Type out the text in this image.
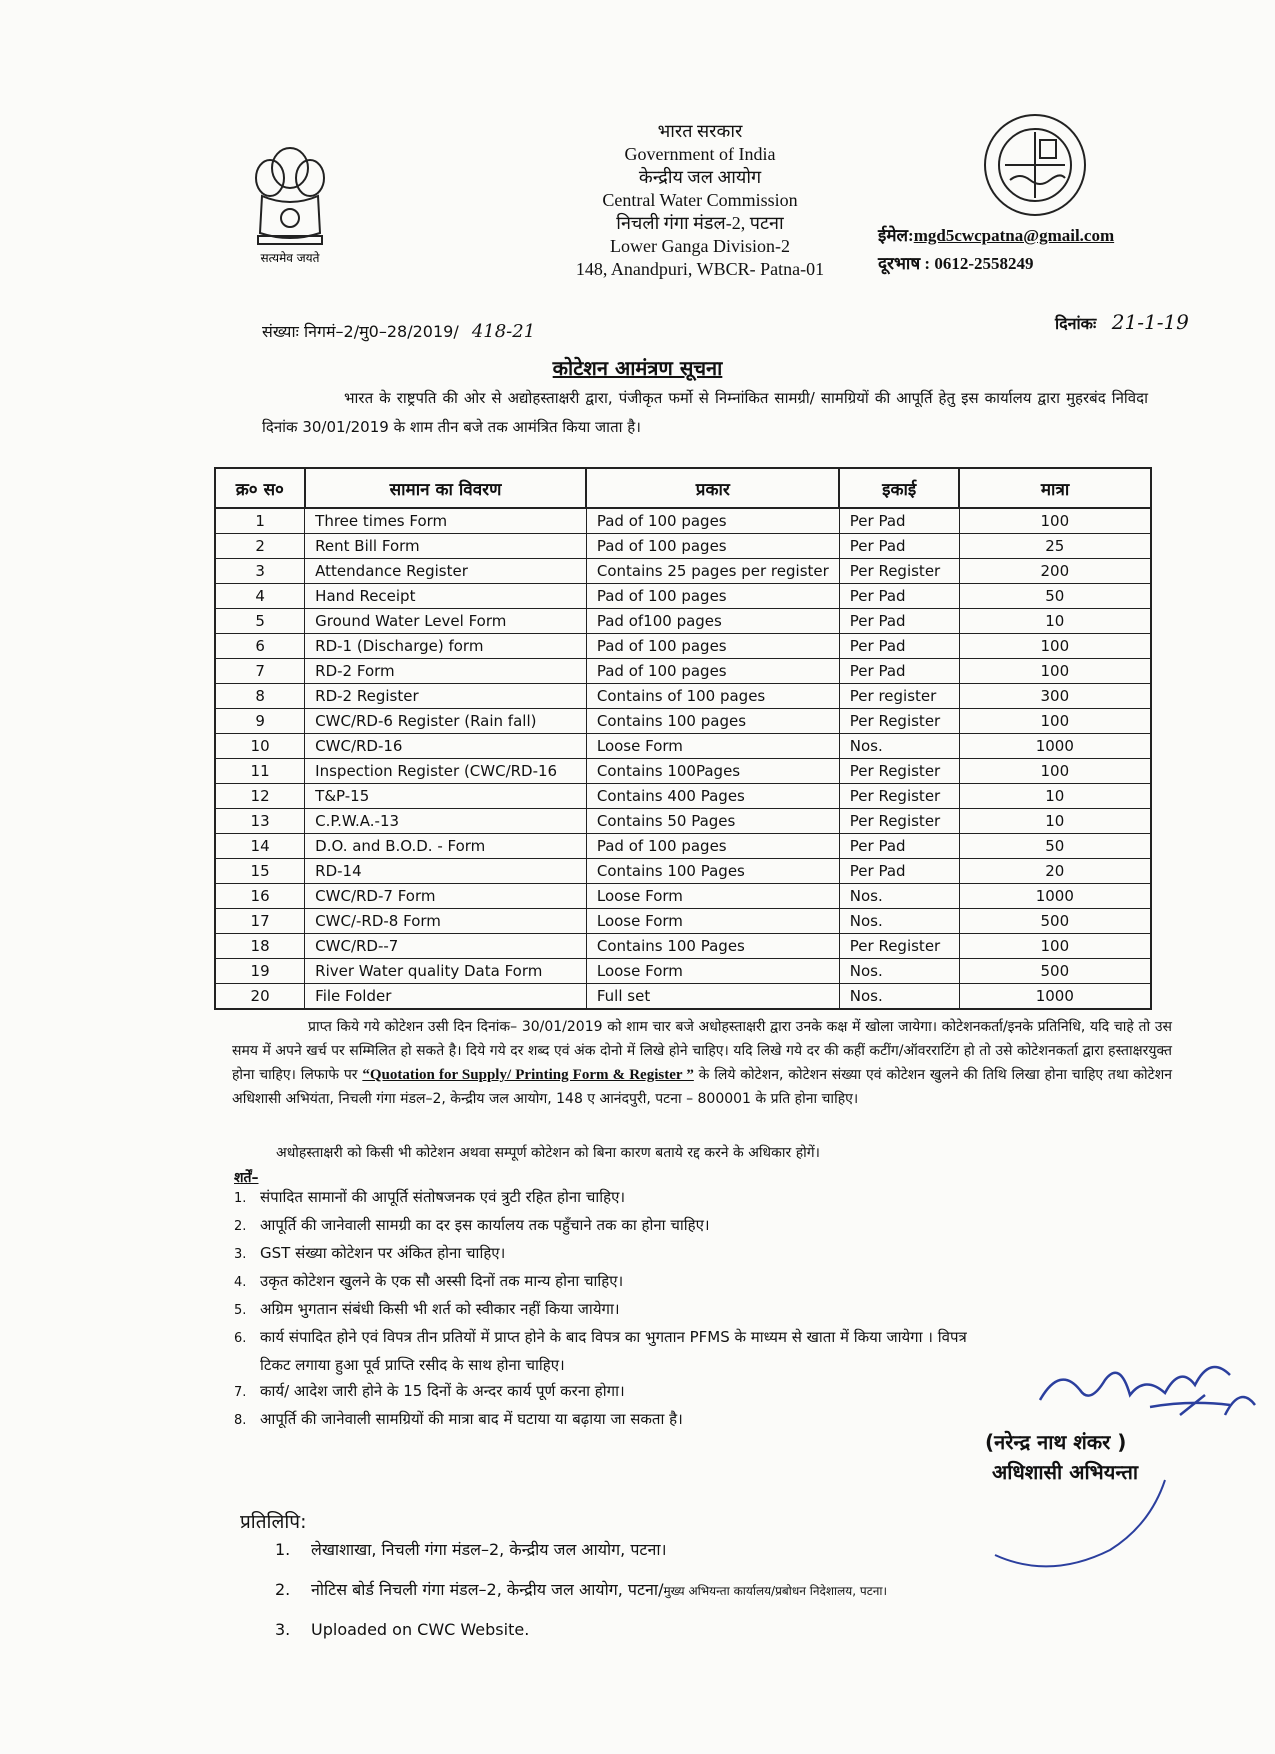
सत्यमेव जयते
भारत सरकार
Government of India
केन्द्रीय जल आयोग
Central Water Commission
निचली गंगा मंडल-2, पटना
Lower Ganga Division-2
148, Anandpuri, WBCR- Patna-01
ईमेल:mgd5cwcpatna@gmail.com
दूरभाष : 0612-2558249
संख्याः निगमं–2/मु0–28/2019/ 418-21	दिनांकः 21-1-19
कोटेशन आमंत्रण सूचना
भारत के राष्ट्रपति की ओर से अद्योहस्ताक्षरी द्वारा, पंजीकृत फर्मो से निम्नांकित सामग्री/ सामग्रियों की आपूर्ति हेतु इस कार्यालय द्वारा मुहरबंद निविदा दिनांक 30/01/2019 के शाम तीन बजे तक आमंत्रित किया जाता है।
क्र० स०	सामान का विवरण	प्रकार	इकाई	मात्रा
1	Three times Form	Pad of 100 pages	Per Pad	100
2	Rent Bill Form	Pad of 100 pages	Per Pad	25
3	Attendance Register	Contains 25 pages per register	Per Register	200
4	Hand Receipt	Pad of 100 pages	Per Pad	50
5	Ground Water Level Form	Pad of100 pages	Per Pad	10
6	RD-1 (Discharge) form	Pad of 100 pages	Per Pad	100
7	RD-2 Form	Pad of 100 pages	Per Pad	100
8	RD-2 Register	Contains of 100 pages	Per register	300
9	CWC/RD-6 Register (Rain fall)	Contains 100 pages	Per Register	100
10	CWC/RD-16	Loose Form	Nos.	1000
11	Inspection Register (CWC/RD-16	Contains 100Pages	Per Register	100
12	T&P-15	Contains 400 Pages	Per Register	10
13	C.P.W.A.-13	Contains 50 Pages	Per Register	10
14	D.O. and B.O.D. - Form	Pad of 100 pages	Per Pad	50
15	RD-14	Contains 100 Pages	Per Pad	20
16	CWC/RD-7 Form	Loose Form	Nos.	1000
17	CWC/-RD-8 Form	Loose Form	Nos.	500
18	CWC/RD--7	Contains 100 Pages	Per Register	100
19	River Water quality Data Form	Loose Form	Nos.	500
20	File Folder	Full set	Nos.	1000
प्राप्त किये गये कोटेशन उसी दिन दिनांक– 30/01/2019 को शाम चार बजे अधोहस्ताक्षरी द्वारा उनके कक्ष में खोला जायेगा। कोटेशनकर्ता/इनके प्रतिनिधि, यदि चाहे तो उस समय में अपने खर्च पर सम्मिलित हो सकते है। दिये गये दर शब्द एवं अंक दोनो में लिखे होने चाहिए। यदि लिखे गये दर की कहीं कटींग/ऑवरराटिंग हो तो उसे कोटेशनकर्ता द्वारा हस्ताक्षरयुक्त होना चाहिए। लिफाफे पर “Quotation for Supply/ Printing Form & Register ” के लिये कोटेशन, कोटेशन संख्या एवं कोटेशन खुलने की तिथि लिखा होना चाहिए तथा कोटेशन अधिशासी अभियंता, निचली गंगा मंडल–2, केन्द्रीय जल आयोग, 148 ए आनंदपुरी, पटना – 800001 के प्रति होना चाहिए।
अधोहस्ताक्षरी को किसी भी कोटेशन अथवा सम्पूर्ण कोटेशन को बिना कारण बताये रद्द करने के अधिकार होगें।
शर्तें–
1. संपादित सामानों की आपूर्ति संतोषजनक एवं त्रुटी रहित होना चाहिए।
2. आपूर्ति की जानेवाली सामग्री का दर इस कार्यालय तक पहुँचाने तक का होना चाहिए।
3. GST संख्या कोटेशन पर अंकित होना चाहिए।
4. उकृत कोटेशन खुलने के एक सौ अस्सी दिनों तक मान्य होना चाहिए।
5. अग्रिम भुगतान संबंधी किसी भी शर्त को स्वीकार नहीं किया जायेगा।
6. कार्य संपादित होने एवं विपत्र तीन प्रतियों में प्राप्त होने के बाद विपत्र का भुगतान PFMS के माध्यम से खाता में किया जायेगा । विपत्र
टिकट लगाया हुआ पूर्व प्राप्ति रसीद के साथ होना चाहिए।
7. कार्य/ आदेश जारी होने के 15 दिनों के अन्दर कार्य पूर्ण करना होगा।
8. आपूर्ति की जानेवाली सामग्रियों की मात्रा बाद में घटाया या बढ़ाया जा सकता है।
(नरेन्द्र नाथ शंकर )
अधिशासी अभियन्ता
प्रतिलिपि:
1. लेखाशाखा, निचली गंगा मंडल–2, केन्द्रीय जल आयोग, पटना।
2. नोटिस बोर्ड निचली गंगा मंडल–2, केन्द्रीय जल आयोग, पटना/मुख्य अभियन्ता कार्यालय/प्रबोधन निदेशालय, पटना।
3. Uploaded on CWC Website.
